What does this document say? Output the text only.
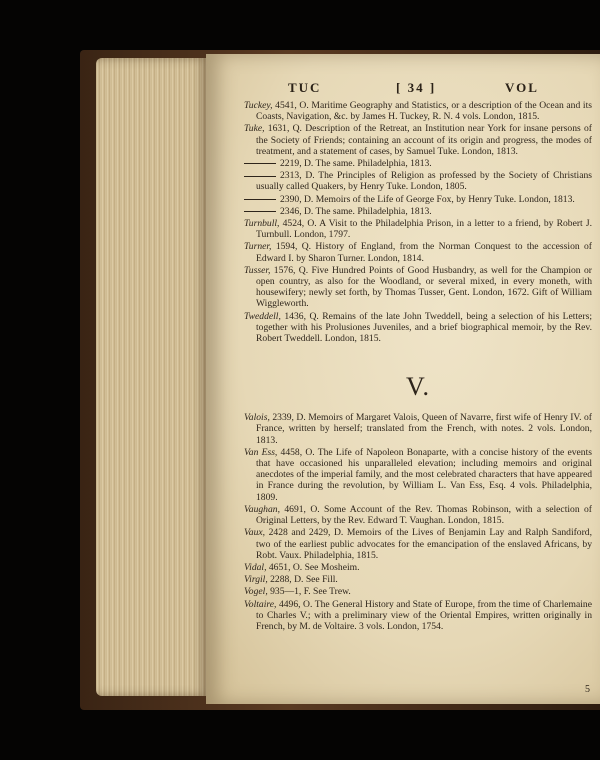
TUC	[ 34 ]	VOL

Tuckey, 4541, O. Maritime Geography and Statistics, or a description of the Ocean and its Coasts, Navigation, &c. by James H. Tuckey, R. N. 4 vols. London, 1815.

Tuke, 1631, Q. Description of the Retreat, an Institution near York for insane persons of the Society of Friends; containing an account of its origin and progress, the modes of treatment, and a statement of cases, by Samuel Tuke. London, 1813.

2219, D. The same. Philadelphia, 1813.

2313, D. The Principles of Religion as professed by the Society of Christians usually called Quakers, by Henry Tuke. London, 1805.

2390, D. Memoirs of the Life of George Fox, by Henry Tuke. London, 1813.

2346, D. The same. Philadelphia, 1813.

Turnbull, 4524, O. A Visit to the Philadelphia Prison, in a letter to a friend, by Robert J. Turnbull. London, 1797.

Turner, 1594, Q. History of England, from the Norman Conquest to the accession of Edward I. by Sharon Turner. London, 1814.

Tusser, 1576, Q. Five Hundred Points of Good Husbandry, as well for the Champion or open country, as also for the Woodland, or several mixed, in every moneth, with housewifery; newly set forth, by Thomas Tusser, Gent. London, 1672. Gift of William Wiggleworth.

Tweddell, 1436, Q. Remains of the late John Tweddell, being a selection of his Letters; together with his Prolusiones Juveniles, and a brief biographical memoir, by the Rev. Robert Tweddell. London, 1815.

V.

Valois, 2339, D. Memoirs of Margaret Valois, Queen of Navarre, first wife of Henry IV. of France, written by herself; translated from the French, with notes. 2 vols. London, 1813.

Van Ess, 4458, O. The Life of Napoleon Bonaparte, with a concise history of the events that have occasioned his unparalleled elevation; including memoirs and original anecdotes of the imperial family, and the most celebrated characters that have appeared in France during the revolution, by William L. Van Ess, Esq. 4 vols. Philadelphia, 1809.

Vaughan, 4691, O. Some Account of the Rev. Thomas Robinson, with a selection of Original Letters, by the Rev. Edward T. Vaughan. London, 1815.

Vaux, 2428 and 2429, D. Memoirs of the Lives of Benjamin Lay and Ralph Sandiford, two of the earliest public advocates for the emancipation of the enslaved Africans, by Robt. Vaux. Philadelphia, 1815.

Vidal, 4651, O. See Mosheim.

Virgil, 2288, D. See Fill.

Vogel, 935—1, F. See Trew.

Voltaire, 4496, O. The General History and State of Europe, from the time of Charlemaine to Charles V.; with a preliminary view of the Oriental Empires, written originally in French, by M. de Voltaire. 3 vols. London, 1754.

5
